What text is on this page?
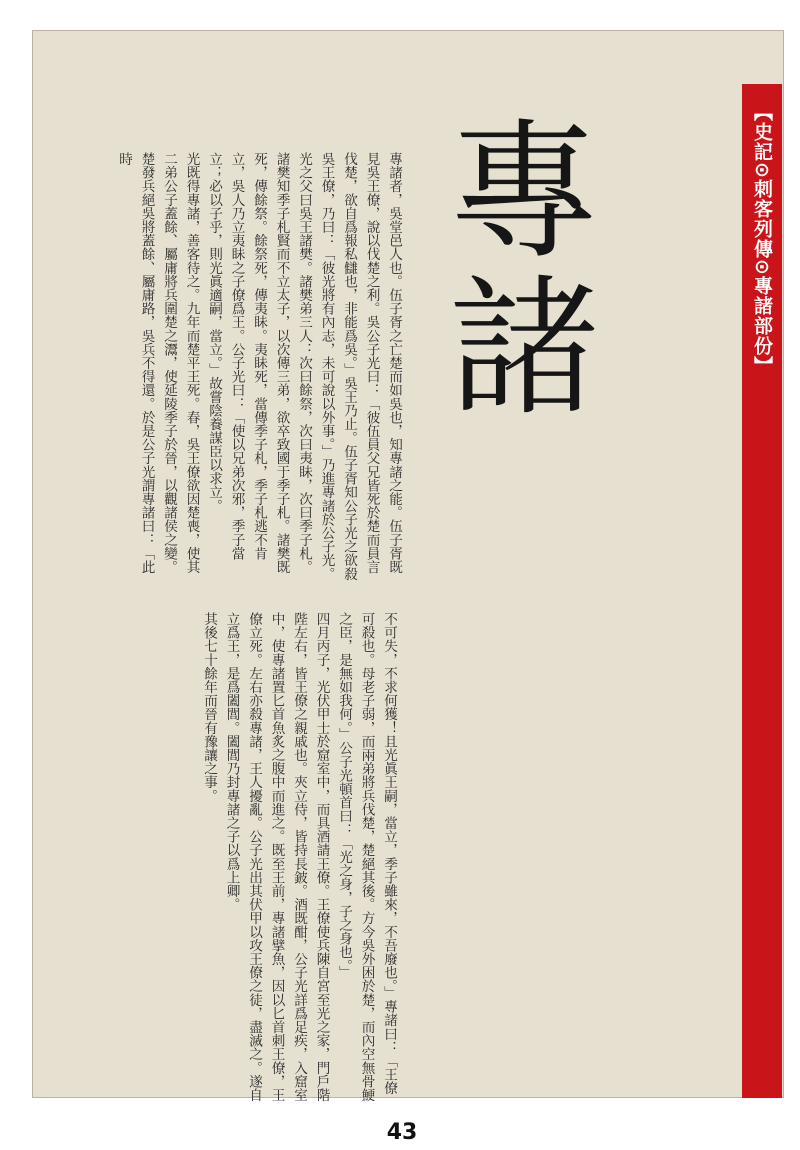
【史記⊙刺客列傳⊙專諸部份】
專諸

專諸者，吳堂邑人也。伍子胥之亡楚而如吳也，知專諸之能。伍子胥既見吳王僚，說以伐楚之利。吳公子光曰：「彼伍員父兄皆死於楚而員言伐楚，欲自爲報私讎也，非能爲吳。」吳王乃止。伍子胥知公子光之欲殺吳王僚，乃曰：「彼光將有內志，未可說以外事。」乃進專諸於公子光。

光之父曰吳王諸樊。諸樊弟三人：次曰餘祭，次曰夷眛，次曰季子札。諸樊知季子札賢而不立太子，以次傳三弟，欲卒致國于季子札。諸樊既死，傳餘祭。餘祭死，傳夷眛。夷眛死，當傳季子札，季子札逃不肯立，吳人乃立夷眛之子僚爲王。公子光曰：「使以兄弟次邪，季子當立；必以子乎，則光眞適嗣，當立。」故嘗陰養謀臣以求立。

光既得專諸，善客待之。九年而楚平王死。春，吳王僚欲因楚喪，使其二弟公子蓋餘、屬庸將兵圍楚之灊，使延陵季子於晉，以觀諸侯之變。楚發兵絕吳將蓋餘、屬庸路，吳兵不得還。於是公子光謂專諸曰：「此時

不可失，不求何獲！且光眞王嗣，當立，季子雖來，不吾廢也。」專諸曰：「王僚可殺也。母老子弱，而兩弟將兵伐楚，楚絕其後。方今吳外困於楚，而內空無骨鯁之臣，是無如我何。」公子光頓首曰：「光之身，子之身也。」

四月丙子，光伏甲士於窟室中，而具酒請王僚。王僚使兵陳自宮至光之家，門戶階陛左右，皆王僚之親戚也。夾立侍，皆持長鈹。酒既酣，公子光詳爲足疾，入窟室中，使專諸置匕首魚炙之腹中而進之。既至王前，專諸擘魚，因以匕首刺王僚，王僚立死。左右亦殺專諸，王人擾亂。公子光出其伏甲以攻王僚之徒，盡滅之。遂自立爲王，是爲闔閭。闔閭乃封專諸之子以爲上卿。

其後七十餘年而晉有豫讓之事。

43
